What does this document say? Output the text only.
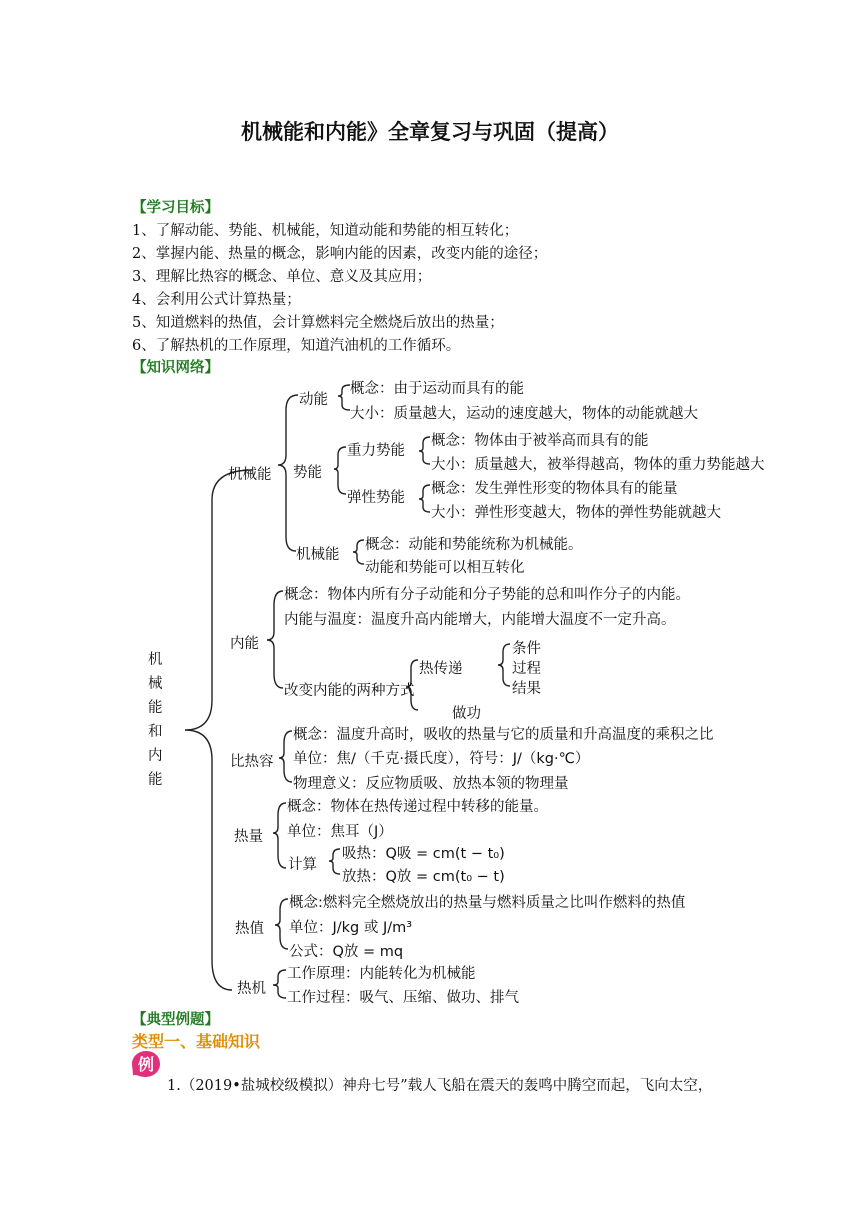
机械能和内能》全章复习与巩固（提高）
【学习目标】
1、了解动能、势能、机械能，知道动能和势能的相互转化；
2、掌握内能、热量的概念，影响内能的因素，改变内能的途径；
3、理解比热容的概念、单位、意义及其应用；
4、会利用公式计算热量；
5、知道燃料的热值，会计算燃料完全燃烧后放出的热量；
6、了解热机的工作原理，知道汽油机的工作循环。
【知识网络】
机
械
能
和
内
能
机械能
动能
概念：由于运动而具有的能
大小：质量越大，运动的速度越大，物体的动能就越大
势能
重力势能
概念：物体由于被举高而具有的能
大小：质量越大，被举得越高，物体的重力势能越大
弹性势能
概念：发生弹性形变的物体具有的能量
大小：弹性形变越大，物体的弹性势能就越大
机械能
概念：动能和势能统称为机械能。
动能和势能可以相互转化
内能
概念：物体内所有分子动能和分子势能的总和叫作分子的内能。
内能与温度：温度升高内能增大，内能增大温度不一定升高。
改变内能的两种方式
热传递
条件
过程
结果
做功
比热容
概念：温度升高时，吸收的热量与它的质量和升高温度的乘积之比
单位：焦/（千克·摄氏度），符号：J/（kg·℃）
物理意义：反应物质吸、放热本领的物理量
热量
概念：物体在热传递过程中转移的能量。
单位：焦耳（J）
计算
吸热：Q吸 = cm(t − t₀)
放热：Q放 = cm(t₀ − t)
热值
概念:燃料完全燃烧放出的热量与燃料质量之比叫作燃料的热值
单位：J/kg 或 J/m³
公式：Q放 = mq
热机
工作原理：内能转化为机械能
工作过程：吸气、压缩、做功、排气
【典型例题】
类型一、基础知识
例
1.（2019•盐城校级模拟）神舟七号”载人飞船在震天的轰鸣中腾空而起，飞向太空，
